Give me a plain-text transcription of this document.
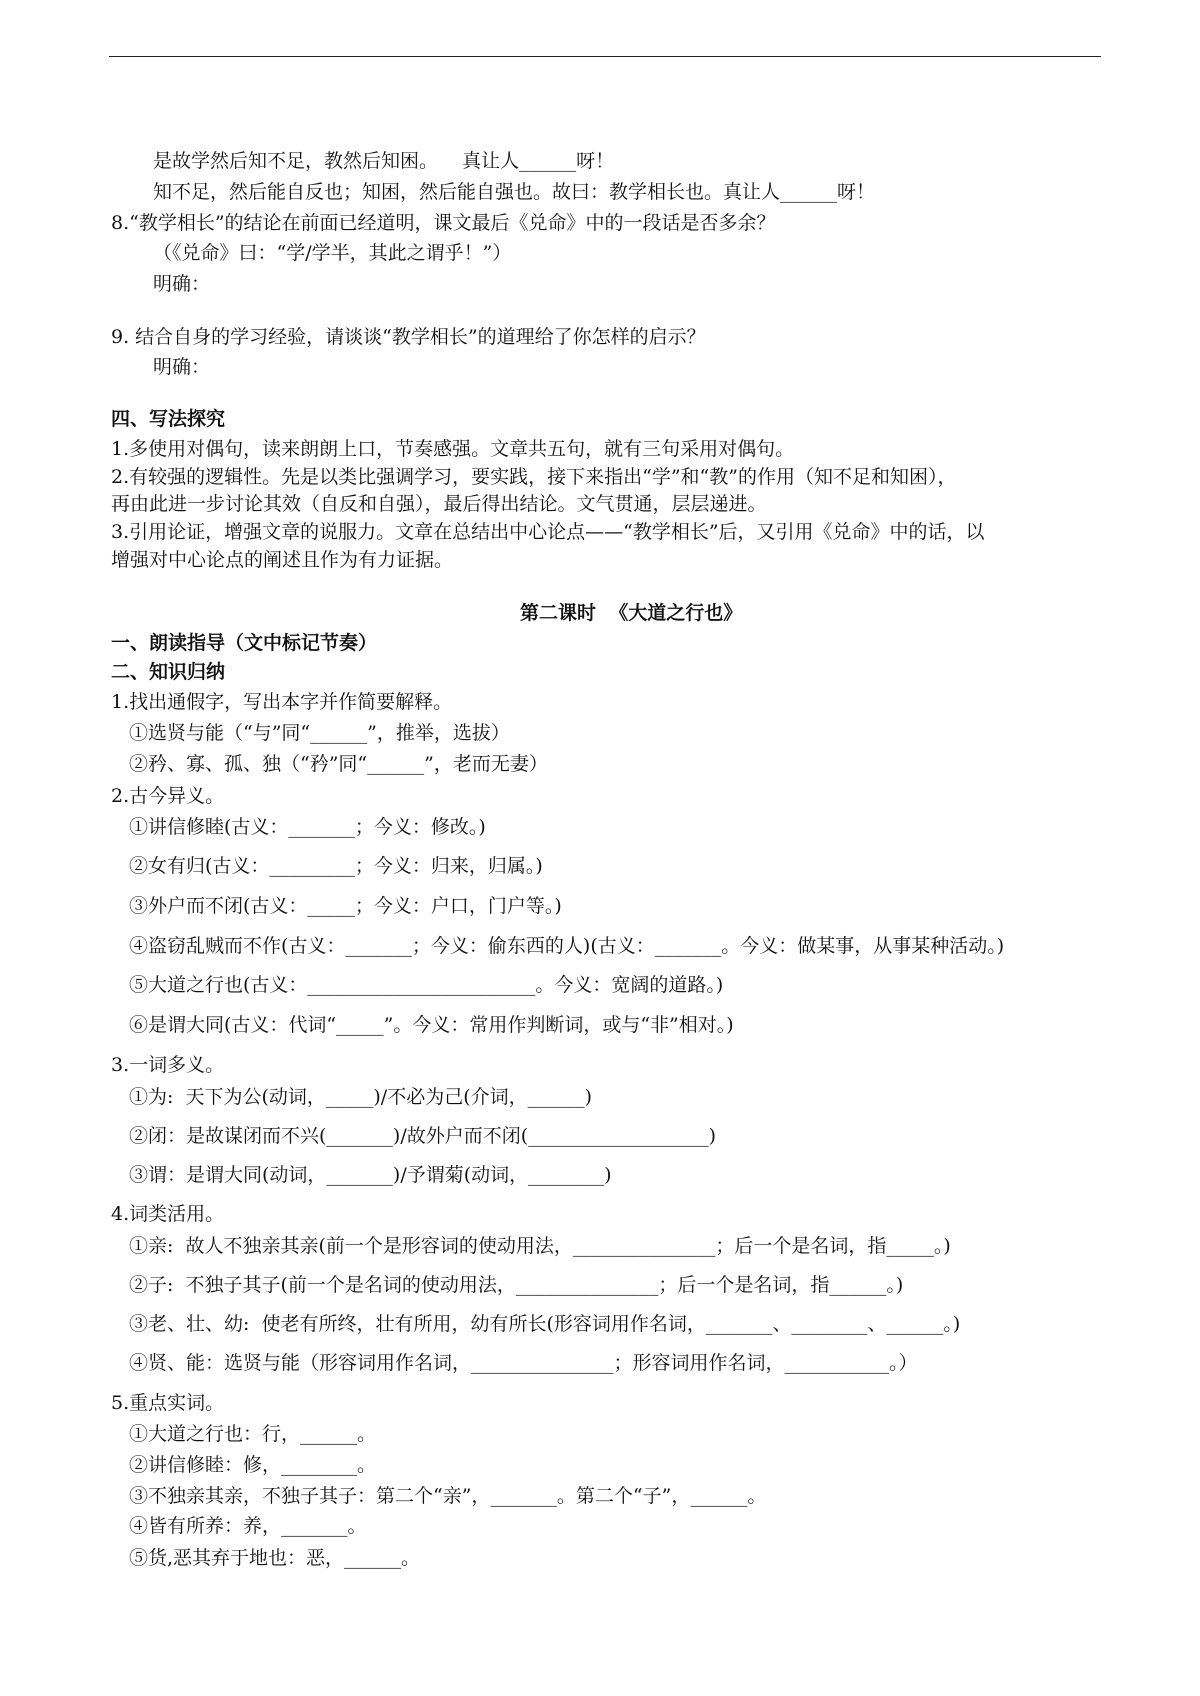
是故学然后知不足，教然后知困。    真让人______呀！
知不足，然后能自反也；知困，然后能自强也。故曰：教学相长也。真让人______呀！
8.“教学相长”的结论在前面已经道明，课文最后《兑命》中的一段话是否多余？
（《兑命》曰：“学/学半，其此之谓乎！”）
明确：
9. 结合自身的学习经验，请谈谈“教学相长”的道理给了你怎样的启示？
明确：
四、写法探究
1.多使用对偶句，读来朗朗上口，节奏感强。文章共五句，就有三句采用对偶句。
2.有较强的逻辑性。先是以类比强调学习，要实践，接下来指出“学”和“教”的作用（知不足和知困），
再由此进一步讨论其效（自反和自强），最后得出结论。文气贯通，层层递进。
3.引用论证，增强文章的说服力。文章在总结出中心论点——“教学相长”后，又引用《兑命》中的话，以
增强对中心论点的阐述且作为有力证据。
第二课时  《大道之行也》
一、朗读指导（文中标记节奏）
二、知识归纳
1.找出通假字，写出本字并作简要解释。
①选贤与能（“与”同“______”，推举，选拔）
②矜、寡、孤、独（“矜”同“______”，老而无妻）
2.古今异义。
①讲信修睦(古义：_______；今义：修改。)
②女有归(古义：_________；今义：归来，归属。)
③外户而不闭(古义：_____；今义：户口，门户等。)
④盗窃乱贼而不作(古义：_______；今义：偷东西的人)(古义：_______。今义：做某事，从事某种活动。)
⑤大道之行也(古义：________________________。今义：宽阔的道路。)
⑥是谓大同(古义：代词“_____”。今义：常用作判断词，或与“非”相对。)
3.一词多义。
①为:  天下为公(动词，_____)/不必为己(介词，______)
②闭：是故谋闭而不兴(_______)/故外户而不闭(___________________)
③谓：是谓大同(动词，_______)/予谓菊(动词，________)
4.词类活用。
①亲:  故人不独亲其亲(前一个是形容词的使动用法，_______________；后一个是名词，指_____。)
②子:  不独子其子(前一个是名词的使动用法，_______________；后一个是名词，指______。)
③老、壮、幼:  使老有所终，壮有所用，幼有所长(形容词用作名词，_______、________、______。)
④贤、能：选贤与能（形容词用作名词，_______________；形容词用作名词，___________。）
5.重点实词。
①大道之行也：行，______。
②讲信修睦：修，________。
③不独亲其亲，不独子其子：第二个“亲”，_______。第二个“子”，______。
④皆有所养：养，_______。
⑤货,恶其弃于地也：恶，______。
